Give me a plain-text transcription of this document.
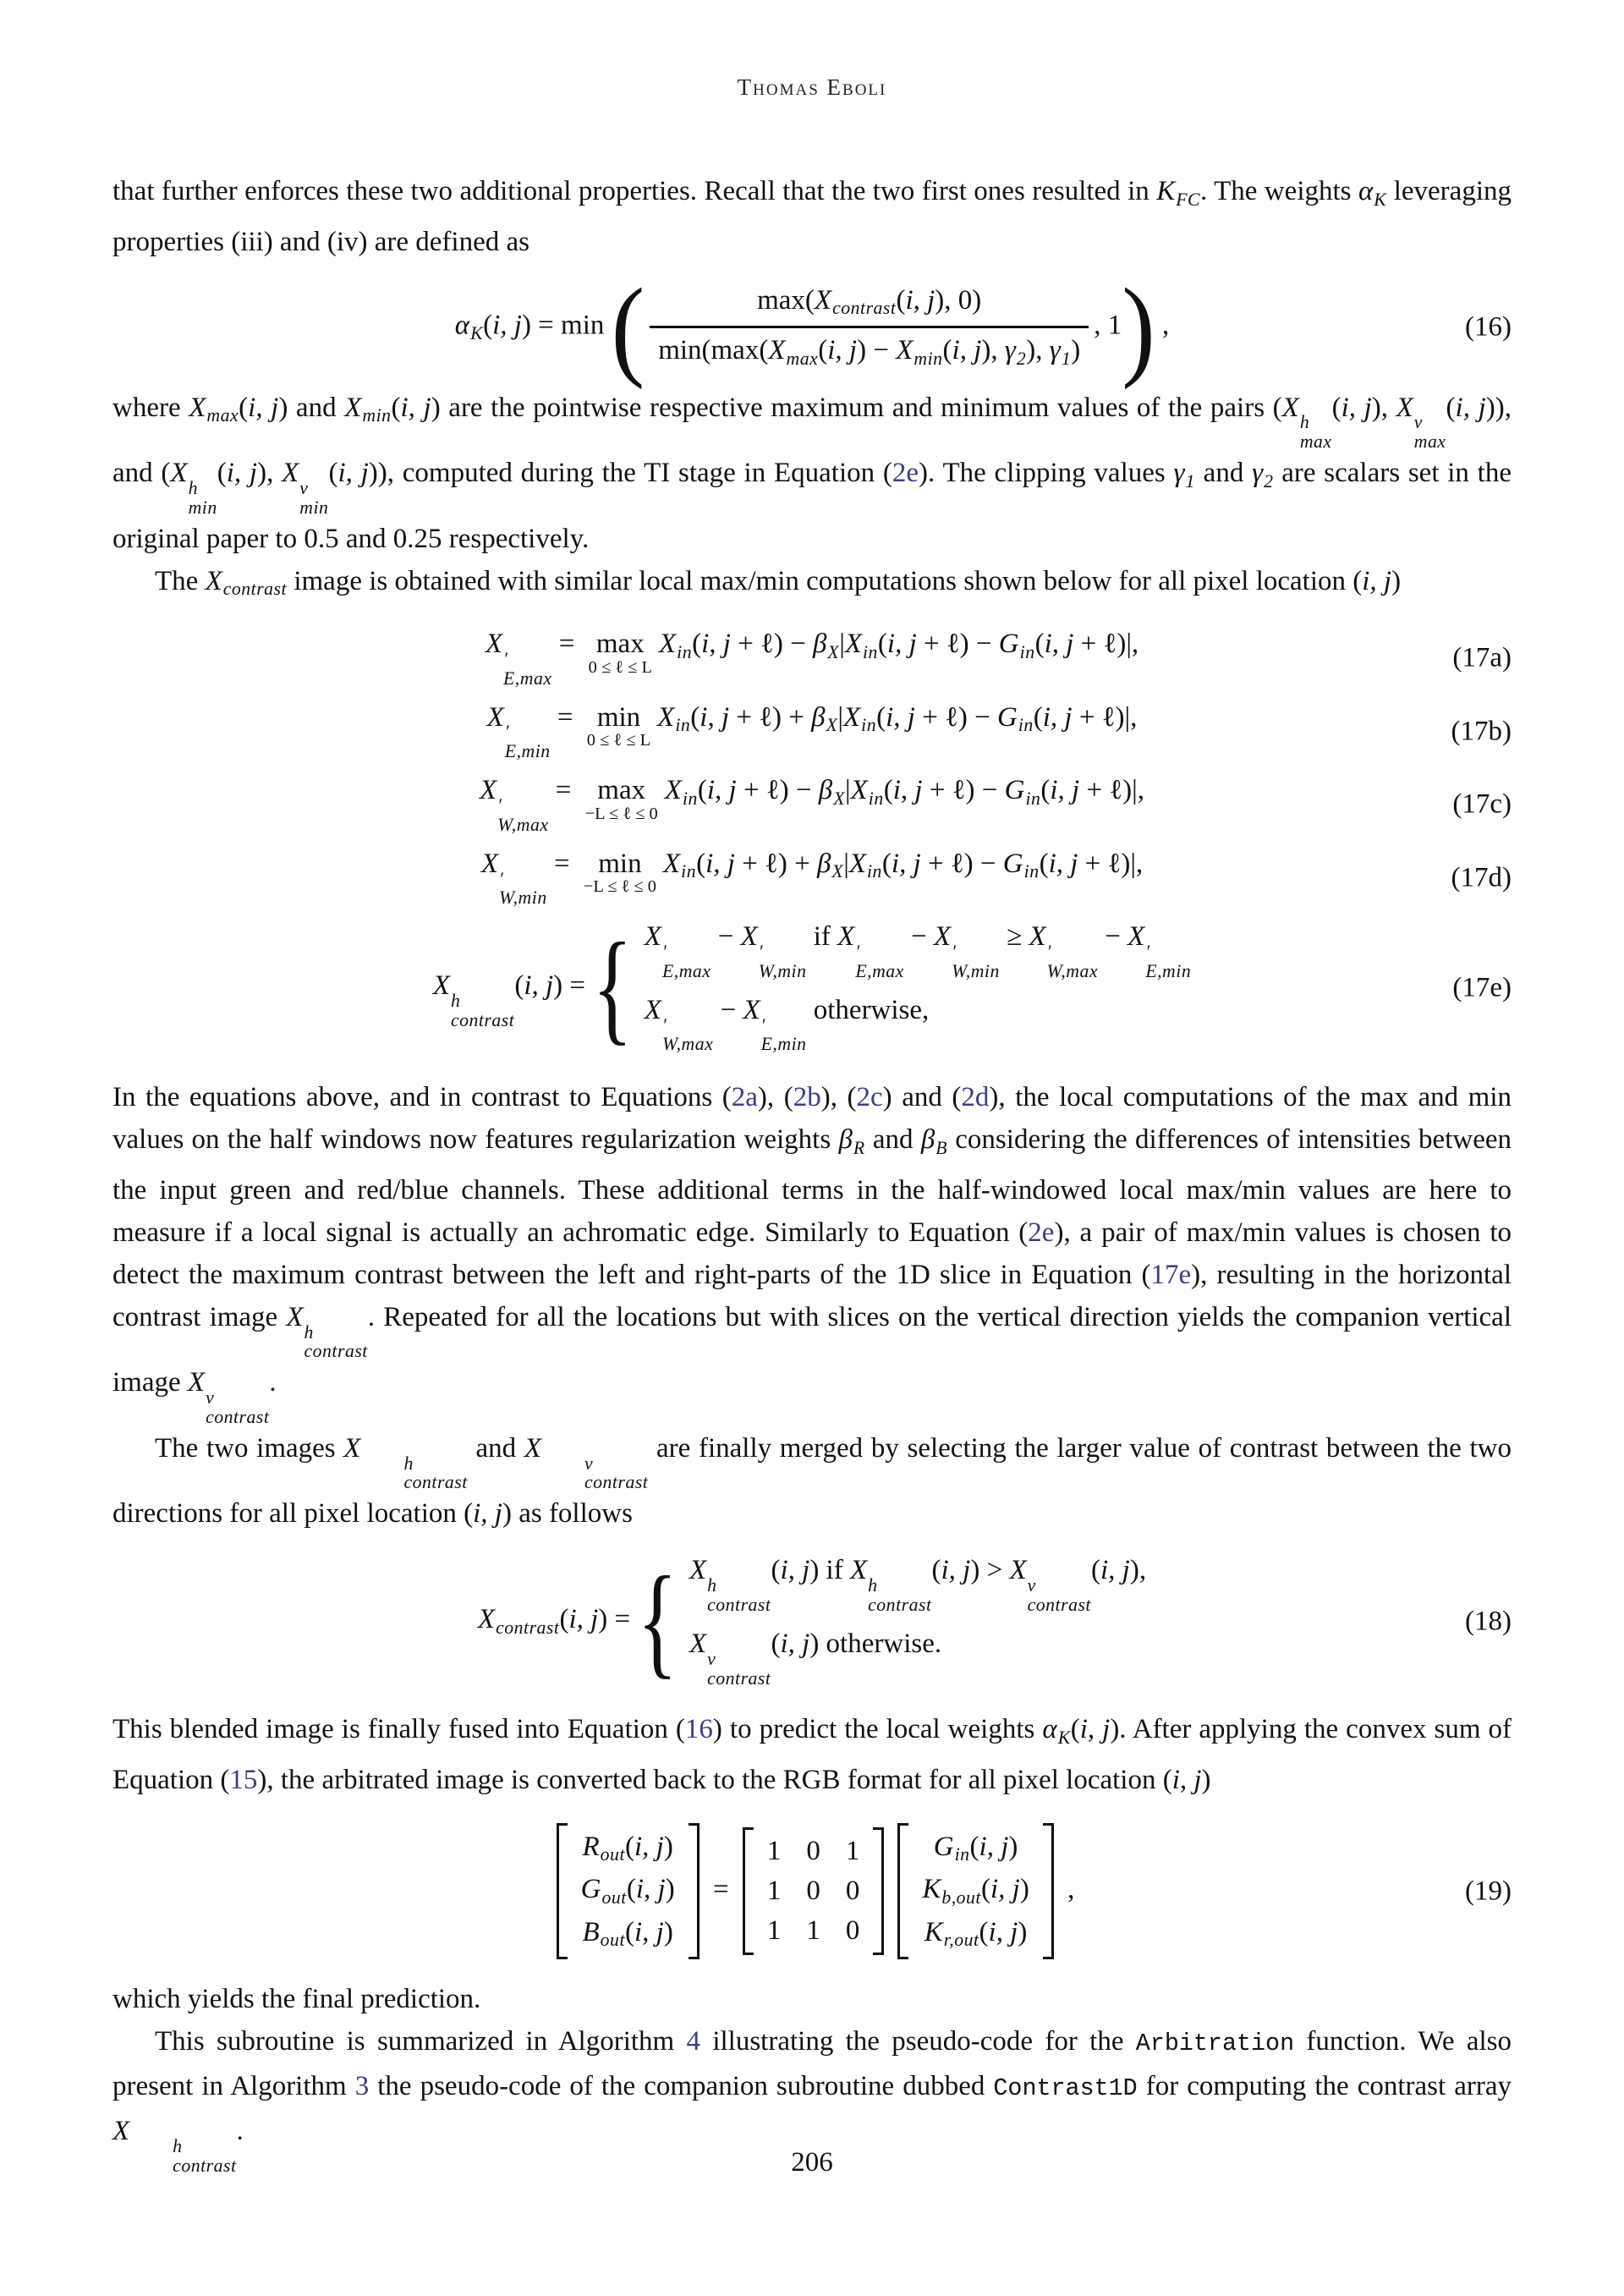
Thomas Eboli

that further enforces these two additional properties. Recall that the two first ones resulted in KFC. The weights αK leveraging properties (iii) and (iv) are defined as

αK(i, j) = min ( $\frac{\text{max(Xcontrast(i, j), 0)}}{\min(\max(Xmax(i, j) - Xmin(i, j), \gamma 2), \gamma 1)}$ , 1) ,	(16)

where Xmax(i, j) and Xmin(i, j) are the pointwise respective maximum and minimum values of the pairs (X h
max
(i, j), X v
max
(i, j)), and (X h
min
(i, j), X v
min
(i, j)), computed during the TI stage in Equation (2e). The clipping values γ1 and γ2 are scalars set in the original paper to 0.5 and 0.25 respectively.

The Xcontrast image is obtained with similar local max/min computations shown below for all pixel location (i, j)

X ′
E,max
= max
0 ≤ ℓ ≤ L
Xin(i, j + ℓ) − βX|Xin(i, j + ℓ) − Gin(i, j + ℓ)|,	(17a)
X ′
E,min
= min
0 ≤ ℓ ≤ L
Xin(i, j + ℓ) + βX|Xin(i, j + ℓ) − Gin(i, j + ℓ)|,	(17b)
X ′
W,max
= max
−L ≤ ℓ ≤ 0
Xin(i, j + ℓ) − βX|Xin(i, j + ℓ) − Gin(i, j + ℓ)|,	(17c)
X ′
W,min
= min
−L ≤ ℓ ≤ 0
Xin(i, j + ℓ) + βX|Xin(i, j + ℓ) − Gin(i, j + ℓ)|,	(17d)
X h
contrast
(i, j) = { X ′
E,max
− X ′
W,min
if X ′
E,max
− X ′
W,min
≥ X ′
W,max
− X ′
E,min
X ′
W,max
− X ′
E,min
otherwise,
(17e)

In the equations above, and in contrast to Equations (2a), (2b), (2c) and (2d), the local computations of the max and min values on the half windows now features regularization weights βR and βB considering the differences of intensities between the input green and red/blue channels. These additional terms in the half-windowed local max/min values are here to measure if a local signal is actually an achromatic edge. Similarly to Equation (2e), a pair of max/min values is chosen to detect the maximum contrast between the left and right-parts of the 1D slice in Equation (17e), resulting in the horizontal contrast image X h
contrast
. Repeated for all the locations but with slices on the vertical direction yields the companion vertical image X v
contrast
.

The two images X	h
contrast
and X	v
contrast
are finally merged by selecting the larger value of contrast between the two directions for all pixel location (i, j) as follows

Xcontrast(i, j) = { X h
contrast
(i, j) if X h
contrast
(i, j) > X v
contrast
(i, j),
X v
contrast
(i, j) otherwise.
(18)

This blended image is finally fused into Equation (16) to predict the local weights αK(i, j). After applying the convex sum of Equation (15), the arbitrated image is converted back to the RGB format for all pixel location (i, j)

Rout(i, j)
Gout(i, j)
Bout(i, j)
=
1 0 1
1 0 0
1 1 0
Gin(i, j)
Kb,out(i, j)
Kr,out(i, j)
,	(19)

which yields the final prediction.

This subroutine is summarized in Algorithm 4 illustrating the pseudo-code for the Arbitration function. We also present in Algorithm 3 the pseudo-code of the companion subroutine dubbed Contrast1D for computing the contrast array X	h
contrast
.

206
